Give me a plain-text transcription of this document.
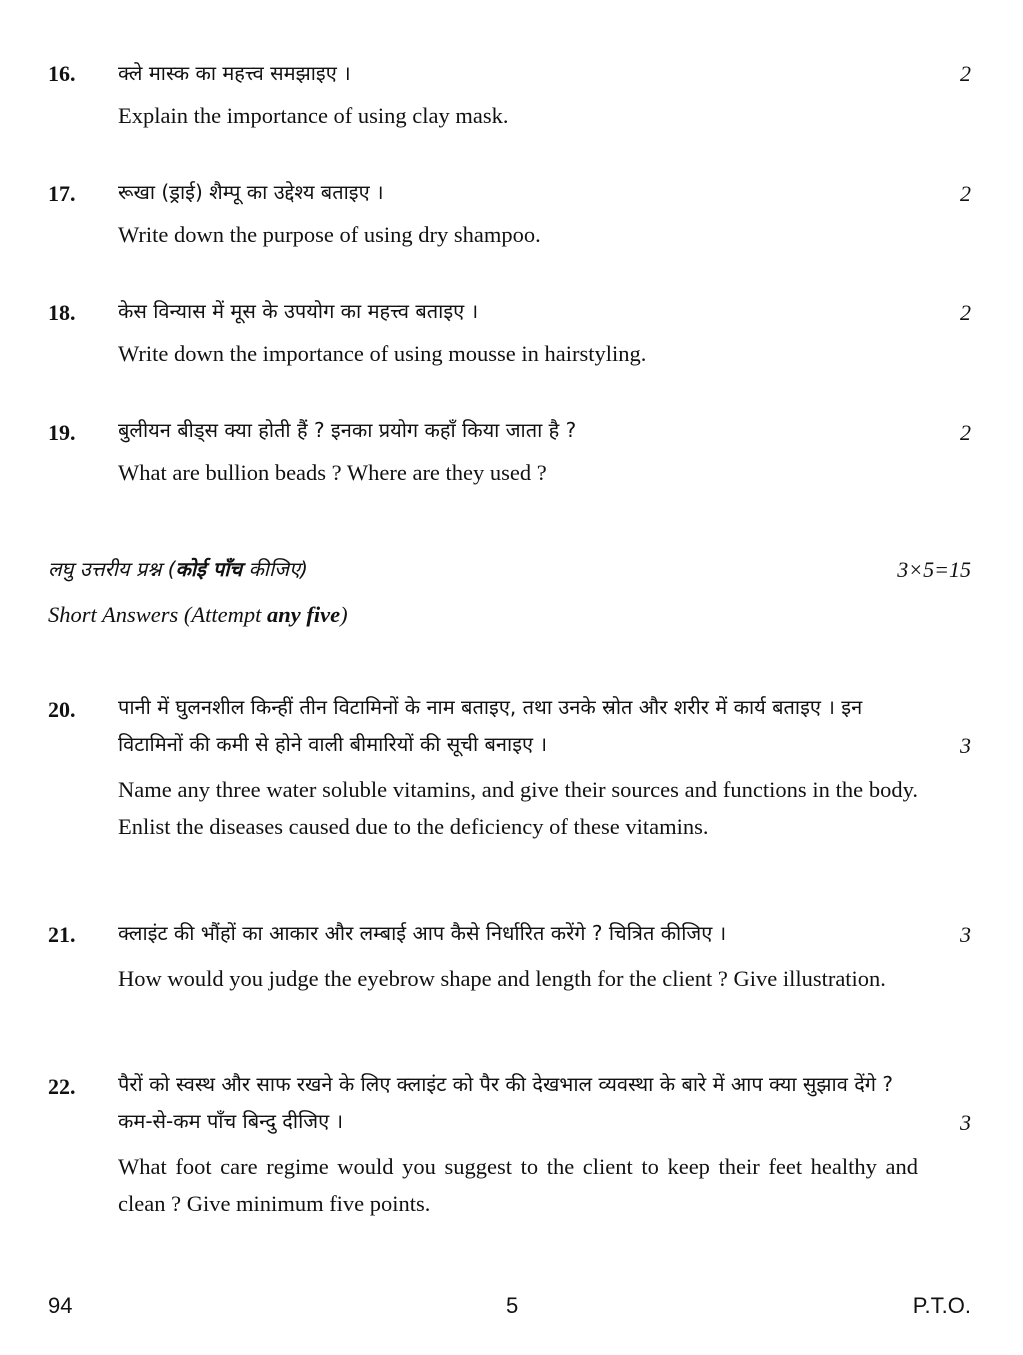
16. क्ले मास्क का महत्त्व समझाइए ।	2
Explain the importance of using clay mask.
17. रूखा (ड्राई) शैम्पू का उद्देश्य बताइए ।	2
Write down the purpose of using dry shampoo.
18. केस विन्यास में मूस के उपयोग का महत्त्व बताइए ।	2
Write down the importance of using mousse in hairstyling.
19. बुलीयन बीड्स क्या होती हैं ? इनका प्रयोग कहाँ किया जाता है ?	2
What are bullion beads ? Where are they used ?
लघु उत्तरीय प्रश्न (कोई पाँच कीजिए)	3×5=15
Short Answers (Attempt any five)
20. पानी में घुलनशील किन्हीं तीन विटामिनों के नाम बताइए, तथा उनके स्रोत और शरीर में कार्य बताइए । इन विटामिनों की कमी से होने वाली बीमारियों की सूची बनाइए ।	3
Name any three water soluble vitamins, and give their sources and functions in the body. Enlist the diseases caused due to the deficiency of these vitamins.
21. क्लाइंट की भौंहों का आकार और लम्बाई आप कैसे निर्धारित करेंगे ? चित्रित कीजिए ।	3
How would you judge the eyebrow shape and length for the client ? Give illustration.
22. पैरों को स्वस्थ और साफ रखने के लिए क्लाइंट को पैर की देखभाल व्यवस्था के बारे में आप क्या सुझाव देंगे ? कम-से-कम पाँच बिन्दु दीजिए ।	3
What foot care regime would you suggest to the client to keep their feet healthy and clean ? Give minimum five points.
94	5	P.T.O.
